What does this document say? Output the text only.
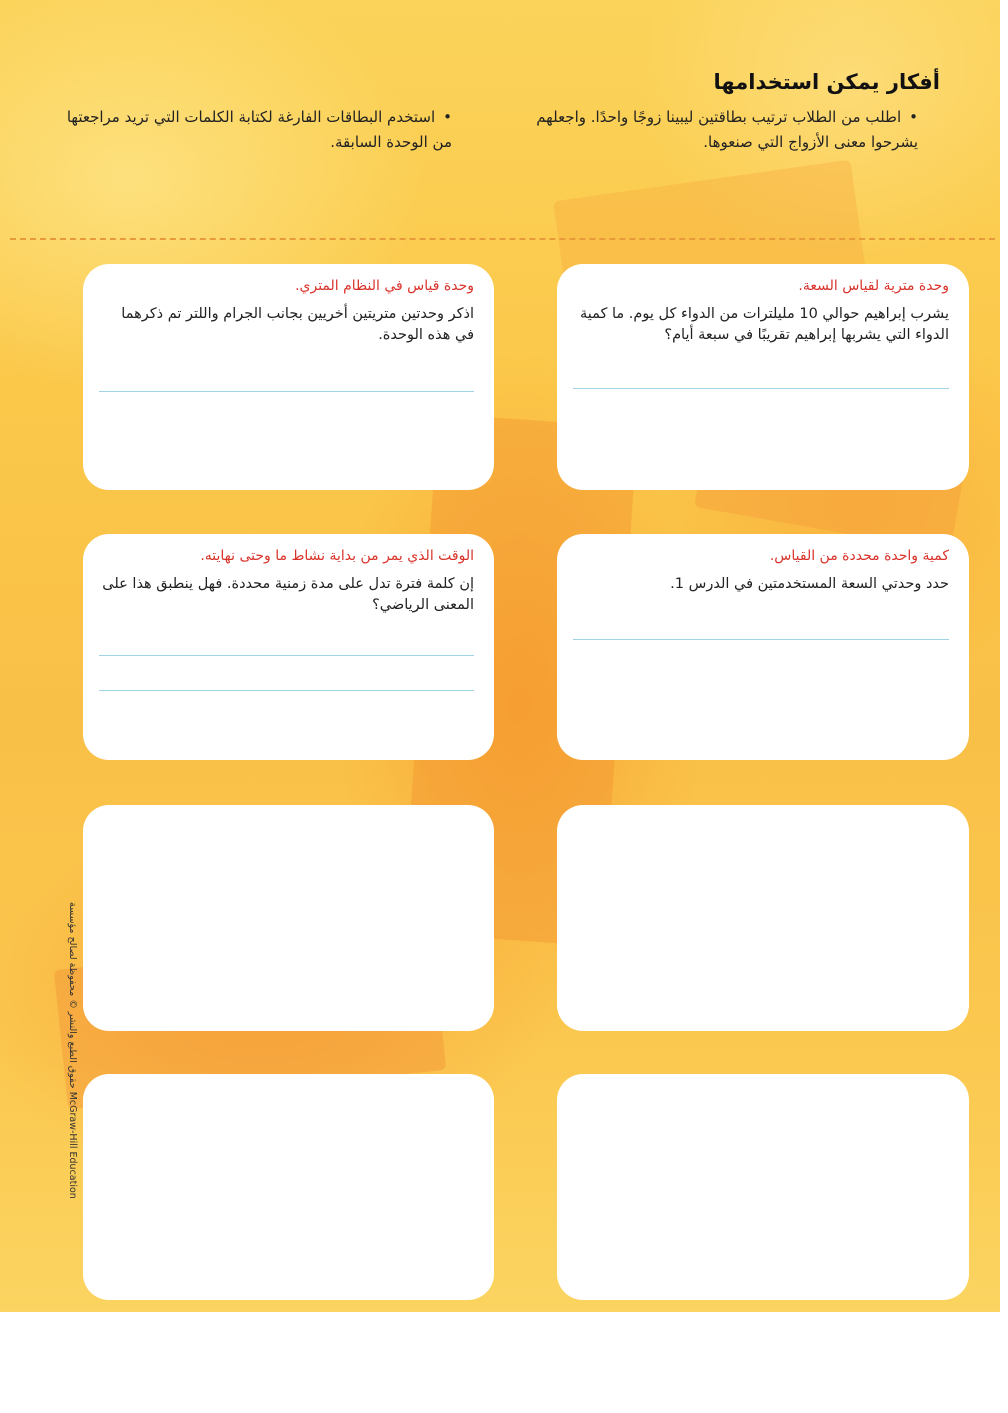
أفكار يمكن استخدامها
•اطلب من الطلاب ترتيب بطاقتين ليبينا زوجًا واحدًا. واجعلهم يشرحوا معنى الأزواج التي صنعوها.
•استخدم البطاقات الفارغة لكتابة الكلمات التي تريد مراجعتها من الوحدة السابقة.
وحدة مترية لقياس السعة.
يشرب إبراهيم حوالي 10 مليلترات من الدواء كل يوم. ما كمية الدواء التي يشربها إبراهيم تقريبًا في سبعة أيام؟
وحدة قياس في النظام المتري.
اذكر وحدتين متريتين أخريين بجانب الجرام واللتر تم ذكرهما في هذه الوحدة.
كمية واحدة محددة من القياس.
حدد وحدتي السعة المستخدمتين في الدرس 1.
الوقت الذي يمر من بداية نشاط ما وحتى نهايته.
إن كلمة فترة تدل على مدة زمنية محددة. فهل ينطبق هذا على المعنى الرياضي؟
حقوق الطبع والنشر © محفوظة لصالح مؤسسة McGraw-Hill Education
